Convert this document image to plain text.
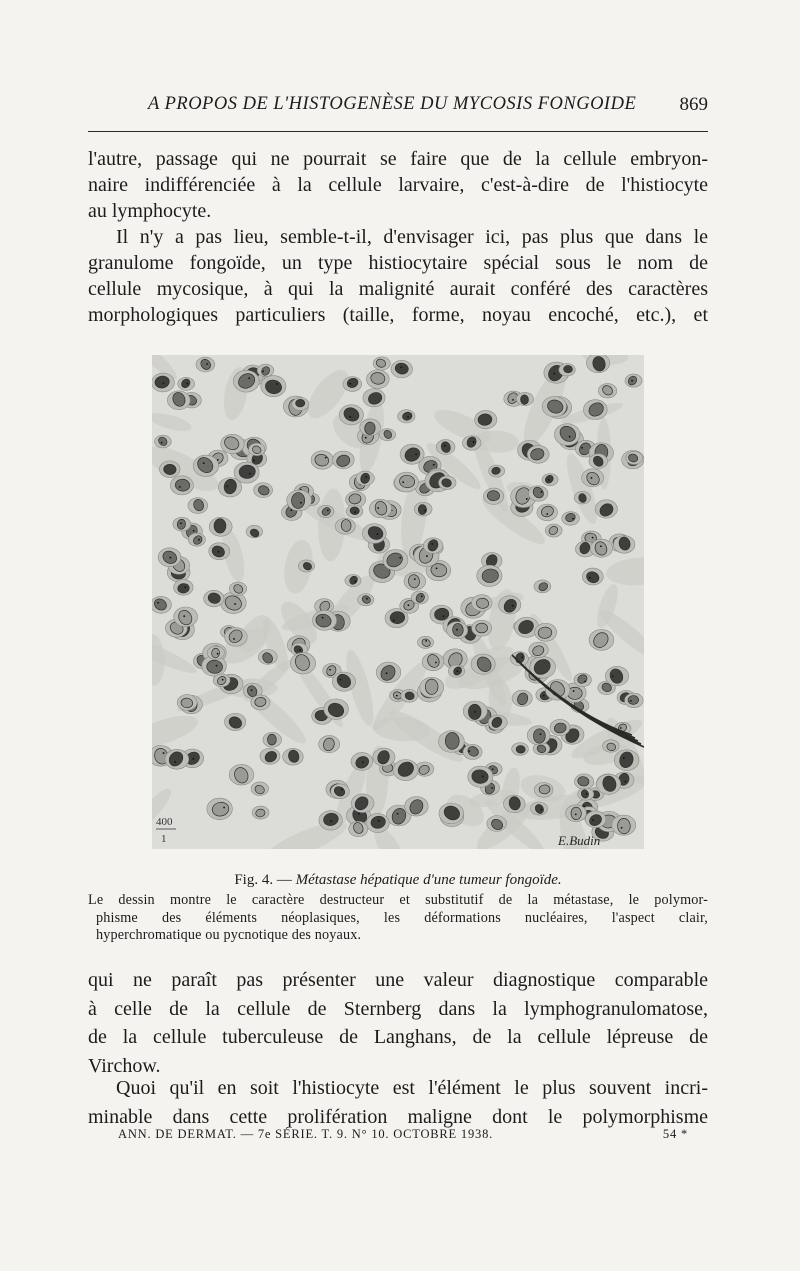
A PROPOS DE L'HISTOGENÈSE DU MYCOSIS FONGOIDE 869

l'autre, passage qui ne pourrait se faire que de la cellule embryon-
naire indifférenciée à la cellule larvaire, c'est-à-dire de l'histiocyte
au lymphocyte.

Il n'y a pas lieu, semble-t-il, d'envisager ici, pas plus que dans le
granulome fongoïde, un type histiocytaire spécial sous le nom de
cellule mycosique, à qui la malignité aurait conféré des caractères
morphologiques particuliers (taille, forme, noyau encoché, etc.), et

400
1	E.Budin
Fig. 4. — Métastase hépatique d'une tumeur fongoïde.
Le dessin montre le caractère destructeur et substitutif de la métastase, le polymor-
phisme des éléments néoplasiques, les déformations nucléaires, l'aspect clair,
hyperchromatique ou pycnotique des noyaux.

qui ne paraît pas présenter une valeur diagnostique comparable
à celle de la cellule de Sternberg dans la lymphogranulomatose,
de la cellule tuberculeuse de Langhans, de la cellule lépreuse de
Virchow.

Quoi qu'il en soit l'histiocyte est l'élément le plus souvent incri-
minable dans cette prolifération maligne dont le polymorphisme

ANN. DE DERMAT. — 7e SÉRIE. T. 9. N° 10. OCTOBRE 1938.	54 *
